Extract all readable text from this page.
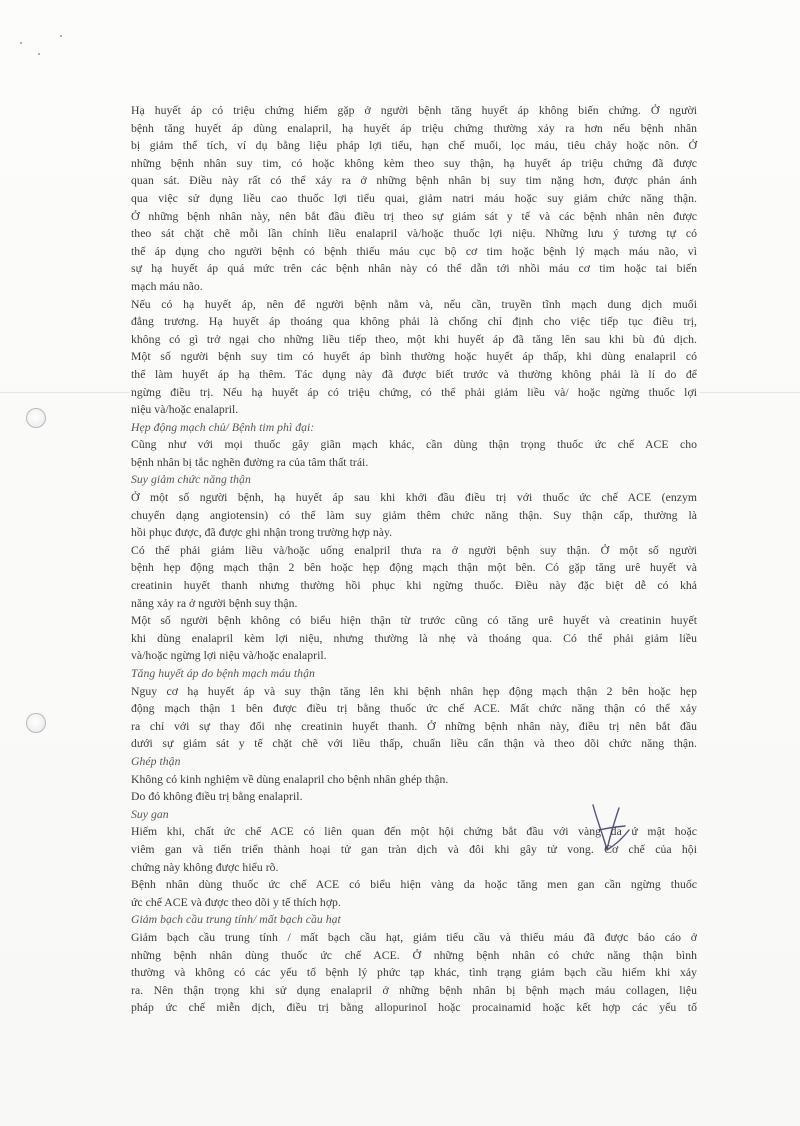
Hạ huyết áp có triệu chứng hiếm gặp ở người bệnh tăng huyết áp không biến chứng. Ở người
bệnh tăng huyết áp dùng enalapril, hạ huyết áp triệu chứng thường xảy ra hơn nếu bệnh nhân
bị giảm thể tích, ví dụ bằng liệu pháp lợi tiểu, hạn chế muối, lọc máu, tiêu chảy hoặc nôn. Ở
những bệnh nhân suy tim, có hoặc không kèm theo suy thận, hạ huyết áp triệu chứng đã được
quan sát. Điều này rất có thể xảy ra ở những bệnh nhân bị suy tim nặng hơn, được phản ánh
qua việc sử dụng liều cao thuốc lợi tiểu quai, giảm natri máu hoặc suy giảm chức năng thận.
Ở những bệnh nhân này, nên bắt đầu điều trị theo sự giám sát y tế và các bệnh nhân nên được
theo sát chặt chẽ mỗi lần chỉnh liều enalapril và/hoặc thuốc lợi niệu. Những lưu ý tương tự có
thể áp dụng cho người bệnh có bệnh thiếu máu cục bộ cơ tim hoặc bệnh lý mạch máu não, vì
sự hạ huyết áp quá mức trên các bệnh nhân này có thể dẫn tới nhồi máu cơ tim hoặc tai biến
mạch máu não.
Nếu có hạ huyết áp, nên để người bệnh nằm và, nếu cần, truyền tĩnh mạch dung dịch muối
đẳng trương. Hạ huyết áp thoáng qua không phải là chống chỉ định cho việc tiếp tục điều trị,
không có gì trở ngại cho những liều tiếp theo, một khi huyết áp đã tăng lên sau khi bù đủ dịch.
Một số người bệnh suy tim có huyết áp bình thường hoặc huyết áp thấp, khi dùng enalapril có
thể làm huyết áp hạ thêm. Tác dụng này đã được biết trước và thường không phải là lí do để
ngừng điều trị. Nếu hạ huyết áp có triệu chứng, có thể phải giảm liều và/ hoặc ngừng thuốc lợi
niệu và/hoặc enalapril.
Hẹp động mạch chủ/ Bệnh tim phì đại:
Cũng như với mọi thuốc gây giãn mạch khác, cần dùng thận trọng thuốc ức chế ACE cho
bệnh nhân bị tắc nghẽn đường ra của tâm thất trái.
Suy giảm chức năng thận
Ở một số người bệnh, hạ huyết áp sau khi khởi đầu điều trị với thuốc ức chế ACE (enzym
chuyển dạng angiotensin) có thể làm suy giảm thêm chức năng thận. Suy thận cấp, thường là
hồi phục được, đã được ghi nhận trong trường hợp này.
Có thể phải giảm liều và/hoặc uống enalpril thưa ra ở người bệnh suy thận. Ở một số người
bệnh hẹp động mạch thận 2 bên hoặc hẹp động mạch thận một bên. Có gặp tăng urê huyết và
creatinin huyết thanh nhưng thường hồi phục khi ngừng thuốc. Điều này đặc biệt dễ có khả
năng xảy ra ở người bệnh suy thận.
Một số người bệnh không có biểu hiện thận từ trước cũng có tăng urê huyết và creatinin huyết
khi dùng enalapril kèm lợi niệu, nhưng thường là nhẹ và thoáng qua. Có thể phải giảm liều
và/hoặc ngừng lợi niệu và/hoặc enalapril.
Tăng huyết áp do bệnh mạch máu thận
Nguy cơ hạ huyết áp và suy thận tăng lên khi bệnh nhân hẹp động mạch thận 2 bên hoặc hẹp
động mạch thận 1 bên được điều trị bằng thuốc ức chế ACE. Mất chức năng thận có thể xảy
ra chỉ với sự thay đổi nhẹ creatinin huyết thanh. Ở những bệnh nhân này, điều trị nên bắt đầu
dưới sự giám sát y tế chặt chẽ với liều thấp, chuẩn liều cẩn thận và theo dõi chức năng thận.
Ghép thận
Không có kinh nghiệm về dùng enalapril cho bệnh nhân ghép thận.
Do đó không điều trị bằng enalapril.
Suy gan
Hiếm khi, chất ức chế ACE có liên quan đến một hội chứng bắt đầu với vàng da ứ mật hoặc
viêm gan và tiến triển thành hoại tử gan tràn dịch và đôi khi gây tử vong. Cơ chế của hội
chứng này không được hiểu rõ.
Bệnh nhân dùng thuốc ức chế ACE có biểu hiện vàng da hoặc tăng men gan cần ngừng thuốc
ức chế ACE và được theo dõi y tế thích hợp.
Giảm bạch cầu trung tính/ mất bạch cầu hạt
Giảm bạch cầu trung tính / mất bạch cầu hạt, giảm tiểu cầu và thiếu máu đã được báo cáo ở
những bệnh nhân dùng thuốc ức chế ACE. Ở những bệnh nhân có chức năng thận bình
thường và không có các yếu tố bệnh lý phức tạp khác, tình trạng giảm bạch cầu hiếm khi xảy
ra. Nên thận trọng khi sử dụng enalapril ở những bệnh nhân bị bệnh mạch máu collagen, liệu
pháp ức chế miễn dịch, điều trị bằng allopurinol hoặc procainamid hoặc kết hợp các yếu tố
